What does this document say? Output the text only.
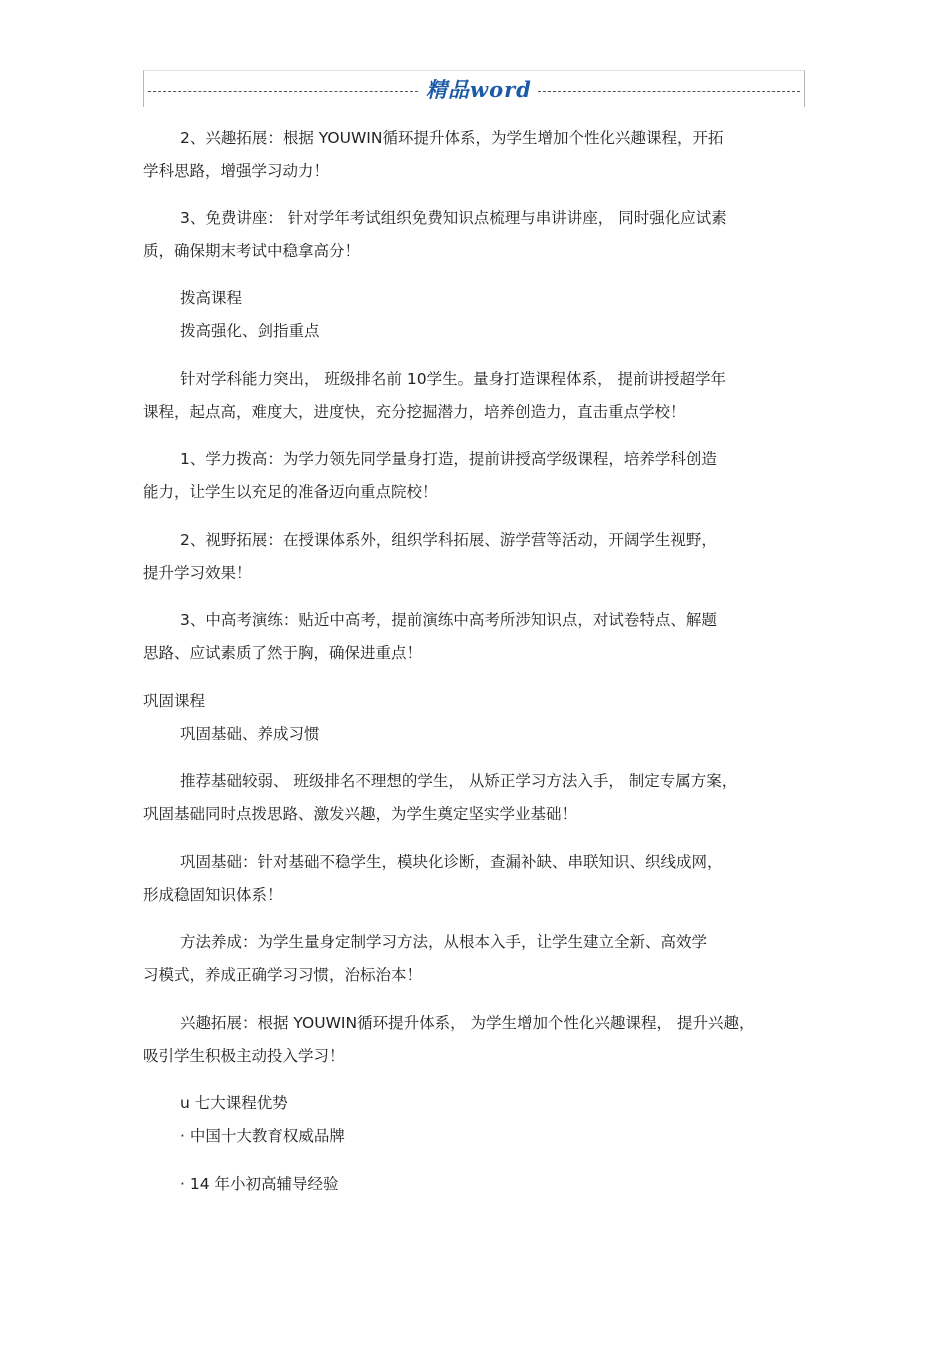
精品word
2、兴趣拓展：根据 YOUWIN循环提升体系，为学生增加个性化兴趣课程，开拓
学科思路，增强学习动力！
3、免费讲座： 针对学年考试组织免费知识点梳理与串讲讲座， 同时强化应试素
质，确保期末考试中稳拿高分！
拨高课程
拨高强化、剑指重点
针对学科能力突出， 班级排名前 10学生。量身打造课程体系， 提前讲授超学年
课程，起点高，难度大，进度快，充分挖掘潜力，培养创造力，直击重点学校！
1、学力拨高：为学力领先同学量身打造，提前讲授高学级课程，培养学科创造
能力，让学生以充足的准备迈向重点院校！
2、视野拓展：在授课体系外，组织学科拓展、游学营等活动，开阔学生视野，
提升学习效果！
3、中高考演练：贴近中高考，提前演练中高考所涉知识点，对试卷特点、解题
思路、应试素质了然于胸，确保进重点！
巩固课程
巩固基础、养成习惯
推荐基础较弱、 班级排名不理想的学生， 从矫正学习方法入手， 制定专属方案，
巩固基础同时点拨思路、激发兴趣，为学生奠定坚实学业基础！
巩固基础：针对基础不稳学生，模块化诊断，查漏补缺、串联知识、织线成网，
形成稳固知识体系！
方法养成：为学生量身定制学习方法，从根本入手，让学生建立全新、高效学
习模式，养成正确学习习惯，治标治本！
兴趣拓展：根据 YOUWIN循环提升体系， 为学生增加个性化兴趣课程， 提升兴趣，
吸引学生积极主动投入学习！
u 七大课程优势
· 中国十大教育权威品牌
· 14 年小初高辅导经验
